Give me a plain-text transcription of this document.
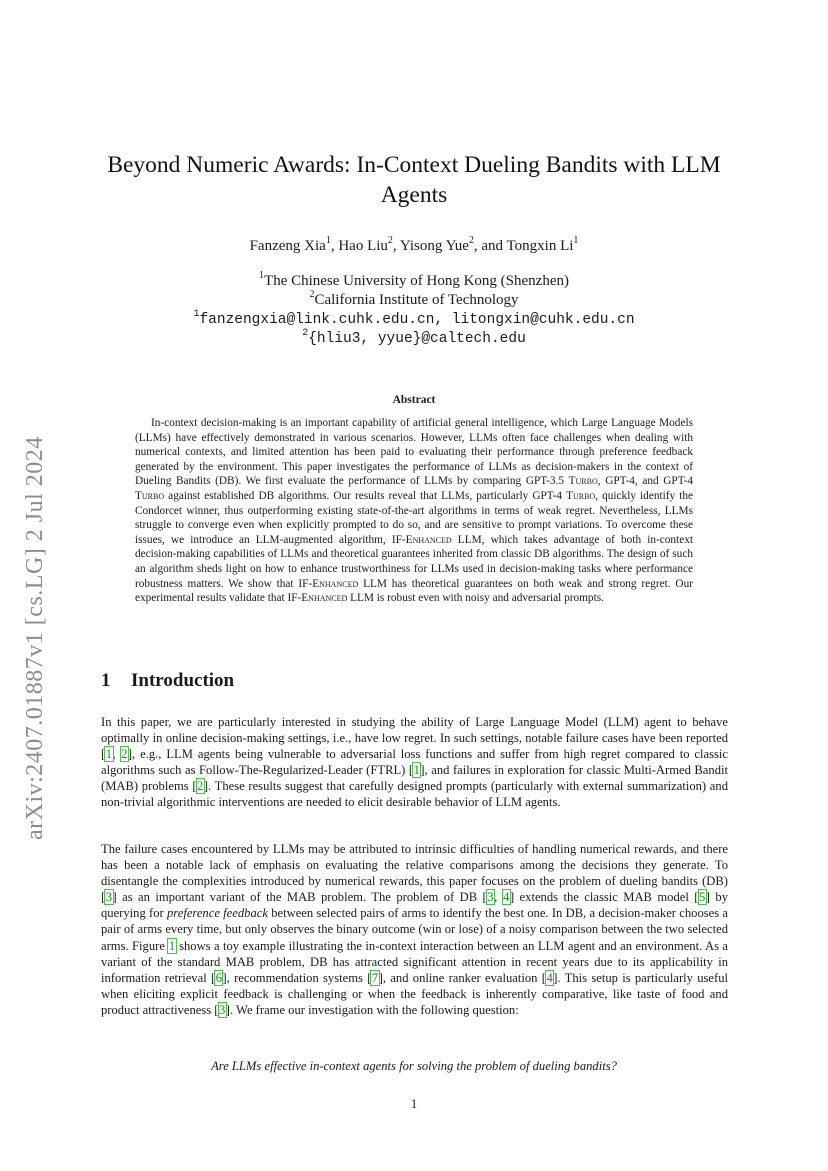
arXiv:2407.01887v1 [cs.LG] 2 Jul 2024
Beyond Numeric Awards: In-Context Dueling Bandits with LLM Agents
Fanzeng Xia$^1$, Hao Liu$^2$, Yisong Yue$^2$, and Tongxin Li$^1$
$^1$The Chinese University of Hong Kong (Shenzhen)
$^2$California Institute of Technology
$^1$fanzengxia@link.cuhk.edu.cn, litongxin@cuhk.edu.cn
$^2${hliu3, yyue}@caltech.edu
Abstract

In-context decision-making is an important capability of artificial general intelligence, which Large Language Models (LLMs) have effectively demonstrated in various scenarios. However, LLMs often face challenges when dealing with numerical contexts, and limited attention has been paid to evaluating their performance through preference feedback generated by the environment. This paper investigates the performance of LLMs as decision-makers in the context of Dueling Bandits (DB). We first evaluate the performance of LLMs by comparing GPT-3.5 Turbo, GPT-4, and GPT-4 Turbo against established DB algorithms. Our results reveal that LLMs, particularly GPT-4 Turbo, quickly identify the Condorcet winner, thus outperforming existing state-of-the-art algorithms in terms of weak regret. Nevertheless, LLMs struggle to converge even when explicitly prompted to do so, and are sensitive to prompt variations. To overcome these issues, we introduce an LLM-augmented algorithm, IF-Enhanced LLM, which takes advantage of both in-context decision-making capabilities of LLMs and theoretical guarantees inherited from classic DB algorithms. The design of such an algorithm sheds light on how to enhance trustworthiness for LLMs used in decision-making tasks where performance robustness matters. We show that IF-Enhanced LLM has theoretical guarantees on both weak and strong regret. Our experimental results validate that IF-Enhanced LLM is robust even with noisy and adversarial prompts.

1 Introduction

In this paper, we are particularly interested in studying the ability of Large Language Model (LLM) agent to behave optimally in online decision-making settings, i.e., have low regret. In such settings, notable failure cases have been reported [1, 2], e.g., LLM agents being vulnerable to adversarial loss functions and suffer from high regret compared to classic algorithms such as Follow-The-Regularized-Leader (FTRL) [1], and failures in exploration for classic Multi-Armed Bandit (MAB) problems [2]. These results suggest that carefully designed prompts (particularly with external summarization) and non-trivial algorithmic interventions are needed to elicit desirable behavior of LLM agents.

The failure cases encountered by LLMs may be attributed to intrinsic difficulties of handling numerical rewards, and there has been a notable lack of emphasis on evaluating the relative comparisons among the decisions they generate. To disentangle the complexities introduced by numerical rewards, this paper focuses on the problem of dueling bandits (DB) [3] as an important variant of the MAB problem. The problem of DB [3, 4] extends the classic MAB model [5] by querying for preference feedback between selected pairs of arms to identify the best one. In DB, a decision-maker chooses a pair of arms every time, but only observes the binary outcome (win or lose) of a noisy comparison between the two selected arms. Figure 1 shows a toy example illustrating the in-context interaction between an LLM agent and an environment. As a variant of the standard MAB problem, DB has attracted significant attention in recent years due to its applicability in information retrieval [6], recommendation systems [7], and online ranker evaluation [4]. This setup is particularly useful when eliciting explicit feedback is challenging or when the feedback is inherently comparative, like taste of food and product attractiveness [3]. We frame our investigation with the following question:

Are LLMs effective in-context agents for solving the problem of dueling bandits?
1
